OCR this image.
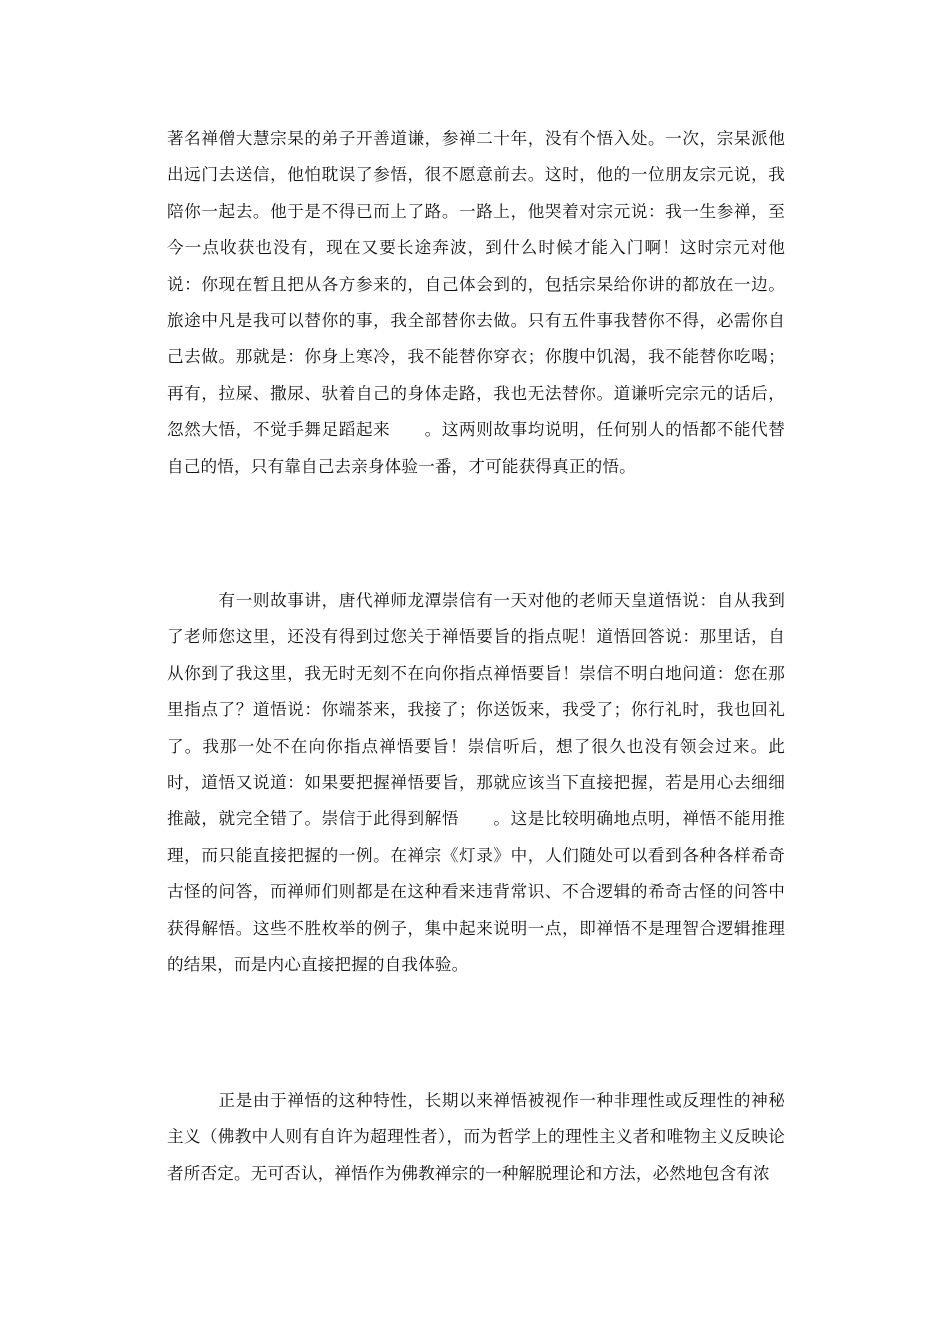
著名禅僧大慧宗杲的弟子开善道谦，参禅二十年，没有个悟入处。一次，宗杲派他出远门去送信，他怕耽误了参悟，很不愿意前去。这时，他的一位朋友宗元说，我陪你一起去。他于是不得已而上了路。一路上，他哭着对宗元说：我一生参禅，至今一点收获也没有，现在又要长途奔波，到什么时候才能入门啊！这时宗元对他说：你现在暂且把从各方参来的，自己体会到的，包括宗杲给你讲的都放在一边。旅途中凡是我可以替你的事，我全部替你去做。只有五件事我替你不得，必需你自己去做。那就是：你身上寒冷，我不能替你穿衣；你腹中饥渴，我不能替你吃喝；再有，拉屎、撒尿、驮着自己的身体走路，我也无法替你。道谦听完宗元的话后，忽然大悟，不觉手舞足蹈起来　　。这两则故事均说明，任何别人的悟都不能代替自己的悟，只有靠自己去亲身体验一番，才可能获得真正的悟。

　　　有一则故事讲，唐代禅师龙潭崇信有一天对他的老师天皇道悟说：自从我到了老师您这里，还没有得到过您关于禅悟要旨的指点呢！道悟回答说：那里话，自从你到了我这里，我无时无刻不在向你指点禅悟要旨！崇信不明白地问道：您在那里指点了？道悟说：你端茶来，我接了；你送饭来，我受了；你行礼时，我也回礼了。我那一处不在向你指点禅悟要旨！崇信听后，想了很久也没有领会过来。此时，道悟又说道：如果要把握禅悟要旨，那就应该当下直接把握，若是用心去细细推敲，就完全错了。崇信于此得到解悟　　。这是比较明确地点明，禅悟不能用推理，而只能直接把握的一例。在禅宗《灯录》中，人们随处可以看到各种各样希奇古怪的问答，而禅师们则都是在这种看来违背常识、不合逻辑的希奇古怪的问答中获得解悟。这些不胜枚举的例子，集中起来说明一点，即禅悟不是理智合逻辑推理的结果，而是内心直接把握的自我体验。

　　　正是由于禅悟的这种特性，长期以来禅悟被视作一种非理性或反理性的神秘主义（佛教中人则有自许为超理性者），而为哲学上的理性主义者和唯物主义反映论者所否定。无可否认，禅悟作为佛教禅宗的一种解脱理论和方法，必然地包含有浓
